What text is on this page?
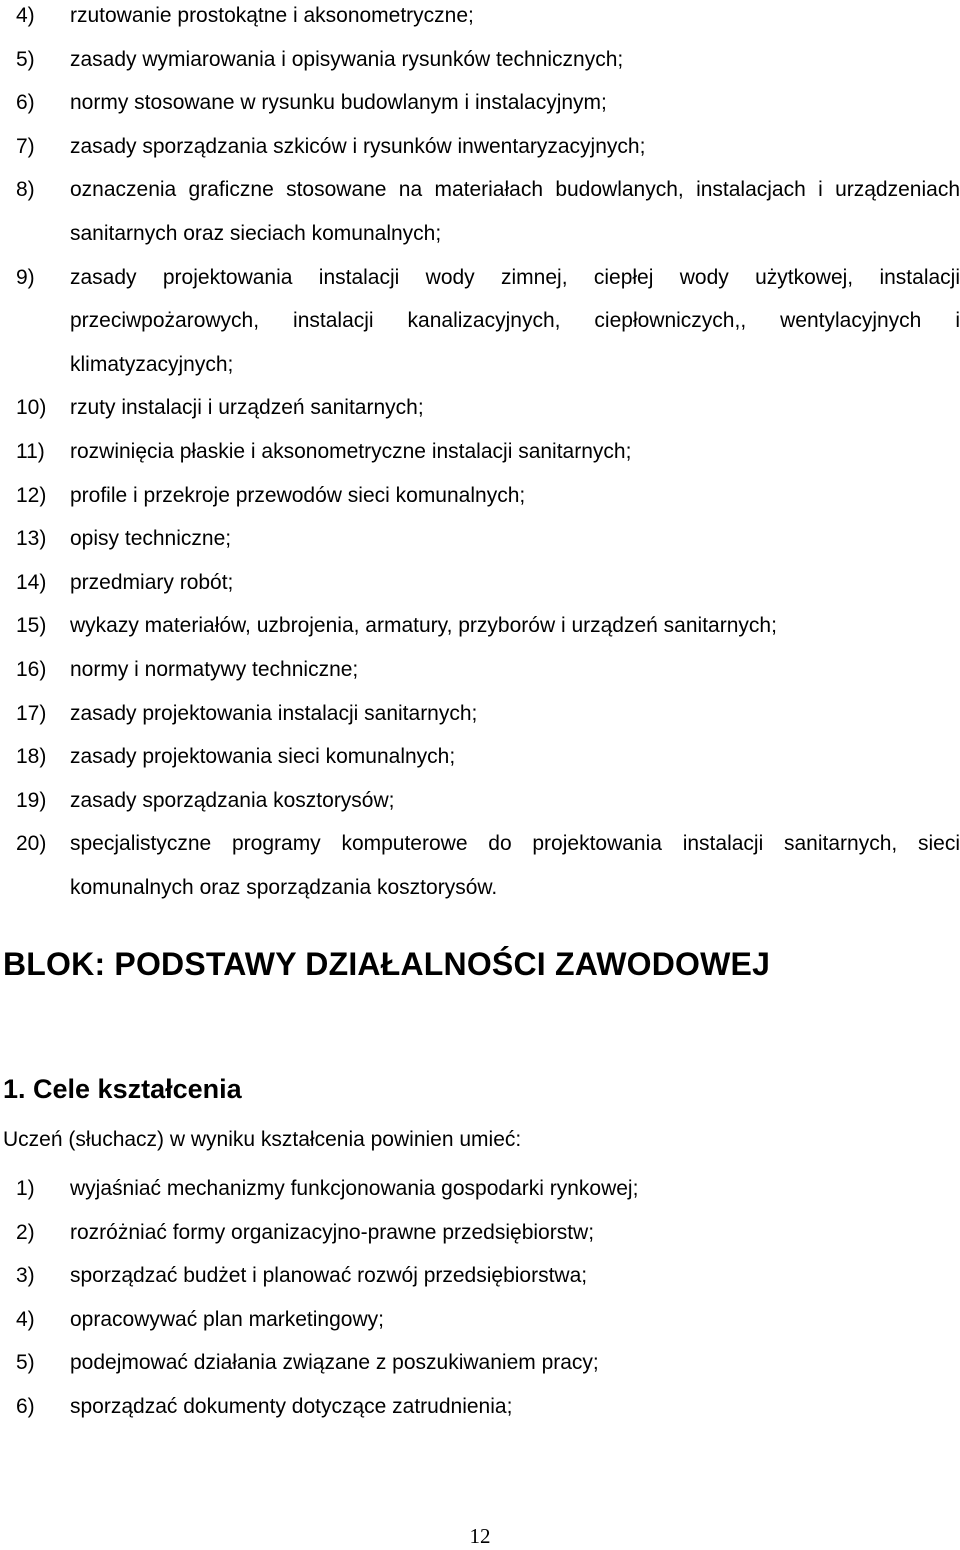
4)	rzutowanie prostokątne i aksonometryczne;
5)	zasady wymiarowania i opisywania rysunków technicznych;
6)	normy stosowane w rysunku budowlanym i instalacyjnym;
7)	zasady sporządzania szkiców i rysunków inwentaryzacyjnych;
8)	oznaczenia graficzne stosowane na materiałach budowlanych, instalacjach i urządzeniach sanitarnych oraz sieciach komunalnych;
9)	zasady projektowania instalacji wody zimnej, ciepłej wody użytkowej, instalacji przeciwpożarowych, instalacji kanalizacyjnych, ciepłowniczych,, wentylacyjnych i klimatyzacyjnych;
10)	rzuty instalacji i urządzeń sanitarnych;
11)	rozwinięcia płaskie i aksonometryczne instalacji sanitarnych;
12)	profile i przekroje przewodów sieci komunalnych;
13)	opisy techniczne;
14)	przedmiary robót;
15)	wykazy materiałów, uzbrojenia, armatury, przyborów i urządzeń sanitarnych;
16)	normy i normatywy techniczne;
17)	zasady projektowania instalacji sanitarnych;
18)	zasady projektowania sieci komunalnych;
19)	zasady sporządzania kosztorysów;
20)	specjalistyczne programy komputerowe do projektowania instalacji sanitarnych, sieci komunalnych oraz sporządzania kosztorysów.
BLOK: PODSTAWY DZIAŁALNOŚCI ZAWODOWEJ
1. Cele kształcenia
Uczeń (słuchacz) w wyniku kształcenia powinien umieć:
1)	wyjaśniać mechanizmy funkcjonowania gospodarki rynkowej;
2)	rozróżniać formy organizacyjno-prawne przedsiębiorstw;
3)	sporządzać budżet i planować rozwój przedsiębiorstwa;
4)	opracowywać plan marketingowy;
5)	podejmować działania związane z poszukiwaniem pracy;
6)	sporządzać dokumenty dotyczące zatrudnienia;
12
